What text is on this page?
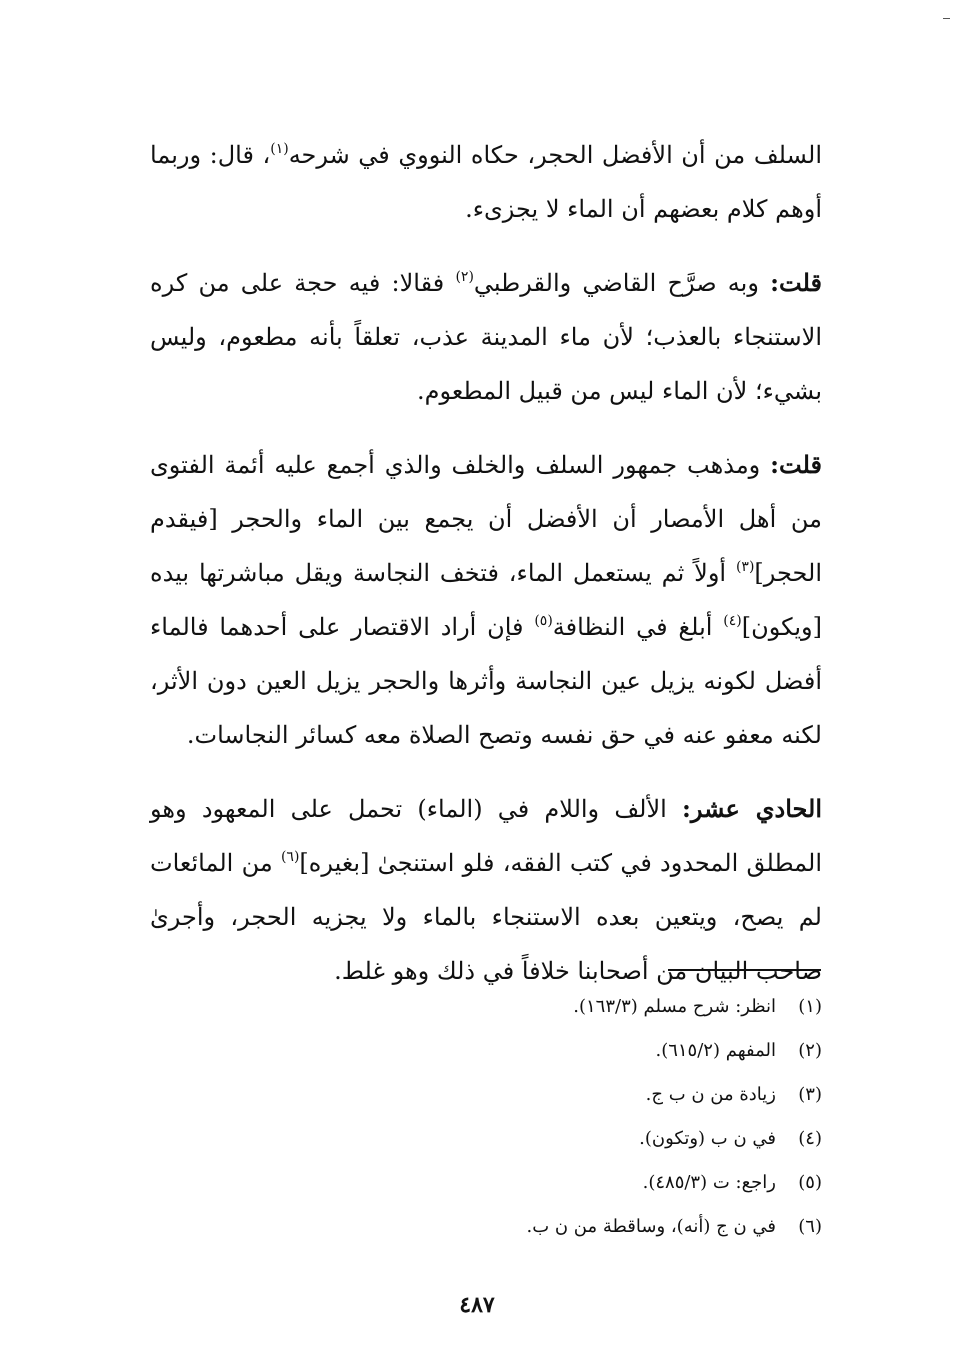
السلف من أن الأفضل الحجر، حكاه النووي في شرحه$^{(١)}$، قال: وربما أوهم كلام بعضهم أن الماء لا يجزىء.

قلت: وبه صرَّح القاضي والقرطبي$^{(٢)}$ فقالا: فيه حجة على من كره الاستنجاء بالعذب؛ لأن ماء المدينة عذب، تعلقاً بأنه مطعوم، وليس بشيء؛ لأن الماء ليس من قبيل المطعوم.

قلت: ومذهب جمهور السلف والخلف والذي أجمع عليه أئمة الفتوى من أهل الأمصار أن الأفضل أن يجمع بين الماء والحجر [فيقدم الحجر]$^{(٣)}$ أولاً ثم يستعمل الماء، فتخف النجاسة ويقل مباشرتها بيده [ويكون]$^{(٤)}$ أبلغ في النظافة$^{(٥)}$ فإن أراد الاقتصار على أحدهما فالماء أفضل لكونه يزيل عين النجاسة وأثرها والحجر يزيل العين دون الأثر، لكنه معفو عنه في حق نفسه وتصح الصلاة معه كسائر النجاسات.

الحادي عشر: الألف واللام في (الماء) تحمل على المعهود وهو المطلق المحدود في كتب الفقه، فلو استنجىٰ [بغيره]$^{(٦)}$ من المائعات لم يصح، ويتعين بعده الاستنجاء بالماء ولا يجزيه الحجر، وأجرىٰ صاحب البيان من أصحابنا خلافاً في ذلك وهو غلط.

(١)انظر: شرح مسلم (١٦٣/٣).
(٢)المفهم (٦١٥/٢).
(٣)زيادة من ن ب ج.
(٤)في ن ب (وتكون).
(٥)راجع: ت (٤٨٥/٣).
(٦)في ن ج (أنه)، وساقطة من ن ب.
٤٨٧
